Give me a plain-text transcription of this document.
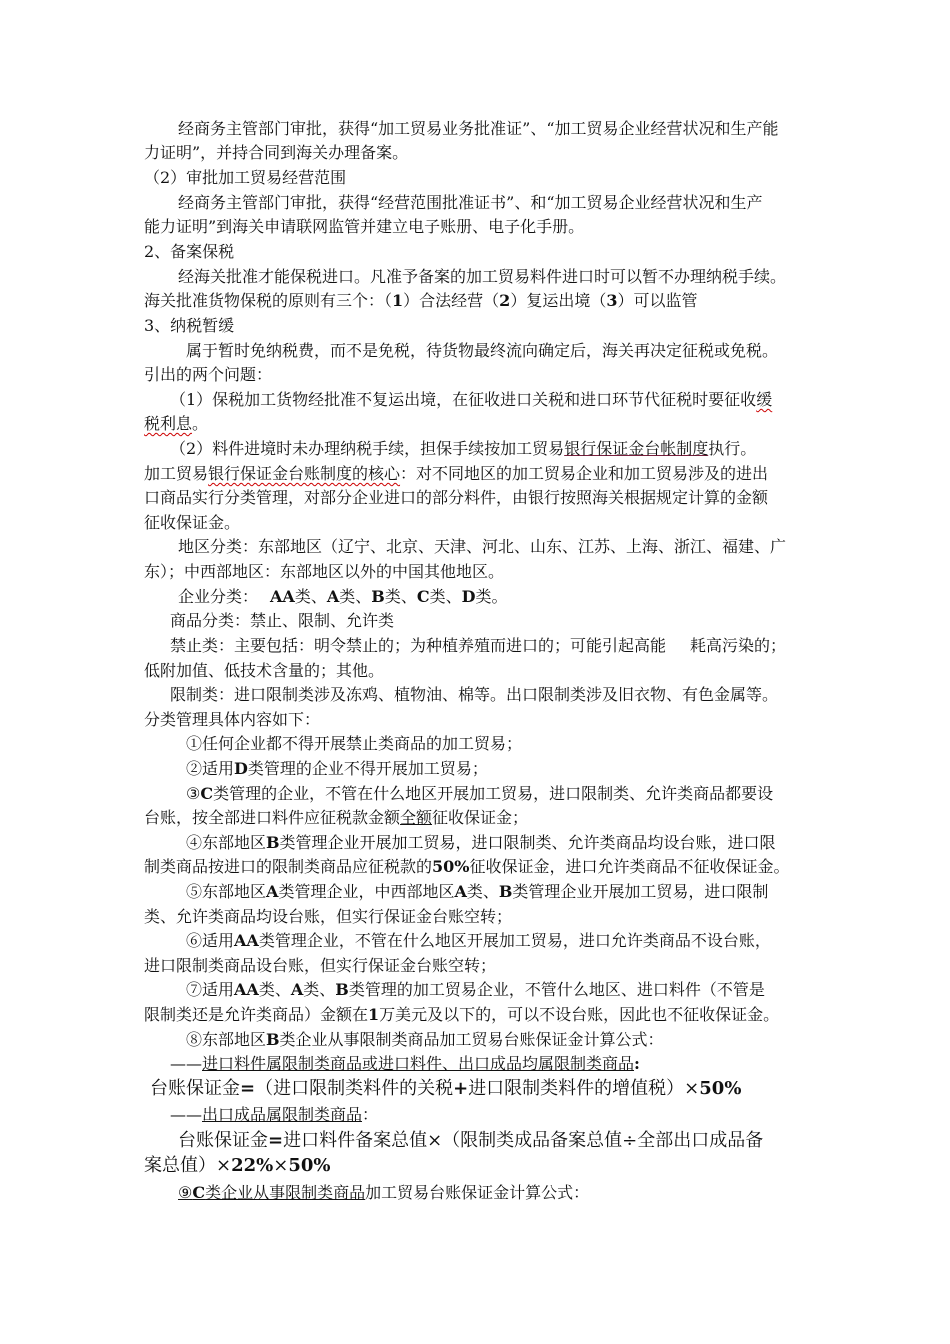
经商务主管部门审批，获得“加工贸易业务批准证”、“加工贸易企业经营状况和生产能
力证明”，并持合同到海关办理备案。
（2）审批加工贸易经营范围
经商务主管部门审批，获得“经营范围批准证书”、和“加工贸易企业经营状况和生产
能力证明”到海关申请联网监管并建立电子账册、电子化手册。
2、备案保税
经海关批准才能保税进口。凡准予备案的加工贸易料件进口时可以暂不办理纳税手续。
海关批准货物保税的原则有三个：（1）合法经营（2）复运出境（3）可以监管
3、纳税暂缓
属于暂时免纳税费，而不是免税，待货物最终流向确定后，海关再决定征税或免税。
引出的两个问题：
（1）保税加工货物经批准不复运出境，在征收进口关税和进口环节代征税时要征收缓
税利息。
（2）料件进境时未办理纳税手续，担保手续按加工贸易银行保证金台帐制度执行。
加工贸易银行保证金台账制度的核心：对不同地区的加工贸易企业和加工贸易涉及的进出
口商品实行分类管理，对部分企业进口的部分料件，由银行按照海关根据规定计算的金额
征收保证金。
地区分类：东部地区（辽宁、北京、天津、河北、山东、江苏、上海、浙江、福建、广
东）；中西部地区：东部地区以外的中国其他地区。
企业分类： AA类、A类、B类、C类、D类。
商品分类：禁止、限制、允许类
禁止类：主要包括：明令禁止的；为种植养殖而进口的；可能引起高能 耗高污染的；
低附加值、低技术含量的；其他。
限制类：进口限制类涉及冻鸡、植物油、棉等。出口限制类涉及旧衣物、有色金属等。
分类管理具体内容如下：
①任何企业都不得开展禁止类商品的加工贸易；
②适用D类管理的企业不得开展加工贸易；
③C类管理的企业，不管在什么地区开展加工贸易，进口限制类、允许类商品都要设
台账，按全部进口料件应征税款金额全额征收保证金；
④东部地区B类管理企业开展加工贸易，进口限制类、允许类商品均设台账，进口限
制类商品按进口的限制类商品应征税款的50%征收保证金，进口允许类商品不征收保证金。
⑤东部地区A类管理企业，中西部地区A类、B类管理企业开展加工贸易，进口限制
类、允许类商品均设台账，但实行保证金台账空转；
⑥适用AA类管理企业，不管在什么地区开展加工贸易，进口允许类商品不设台账，
进口限制类商品设台账，但实行保证金台账空转；
⑦适用AA类、A类、B类管理的加工贸易企业，不管什么地区、进口料件（不管是
限制类还是允许类商品）金额在1万美元及以下的，可以不设台账，因此也不征收保证金。
⑧东部地区B类企业从事限制类商品加工贸易台账保证金计算公式：
——进口料件属限制类商品或进口料件、出口成品均属限制类商品:
台账保证金=（进口限制类料件的关税+进口限制类料件的增值税）×50%
——出口成品属限制类商品：
台账保证金=进口料件备案总值×（限制类成品备案总值÷全部出口成品备
案总值）×22%×50%
⑨C类企业从事限制类商品加工贸易台账保证金计算公式：
